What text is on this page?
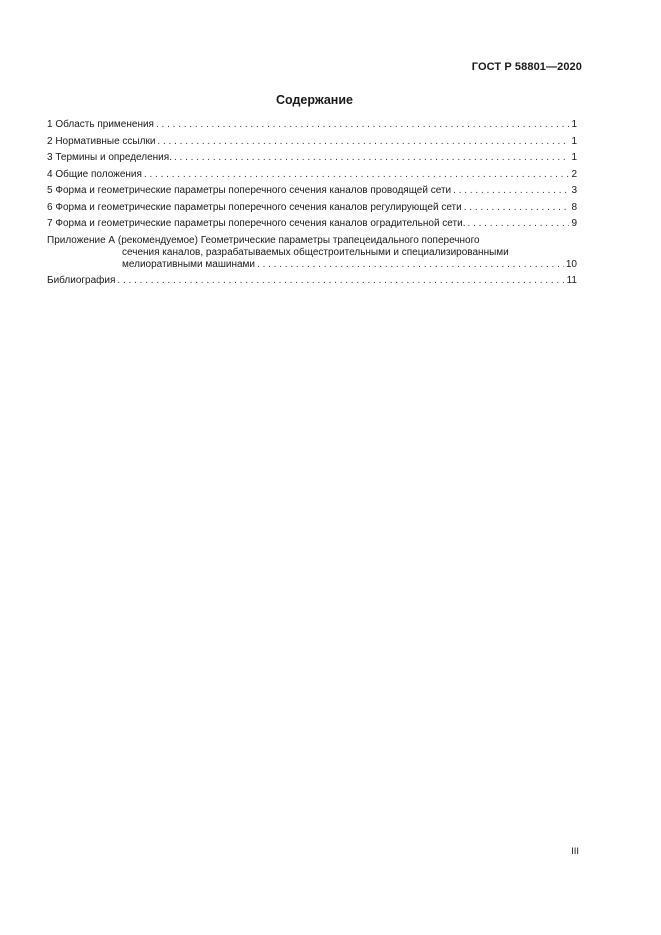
ГОСТ Р 58801—2020
Содержание
1 Область применения . . .	1
2 Нормативные ссылки . . .	1
3 Термины и определения. . . .	1
4 Общие положения . . .	2
5 Форма и геометрические параметры поперечного сечения каналов проводящей сети . . .	3
6 Форма и геометрические параметры поперечного сечения каналов регулирующей сети . . .	8
7 Форма и геометрические параметры поперечного сечения каналов оградительной сети. . . .	9
Приложение А (рекомендуемое) Геометрические параметры трапецеидального поперечного
сечения каналов, разрабатываемых общестроительными и специализированными
мелиоративными машинами . . .	10
Библиография . . .	11
III
